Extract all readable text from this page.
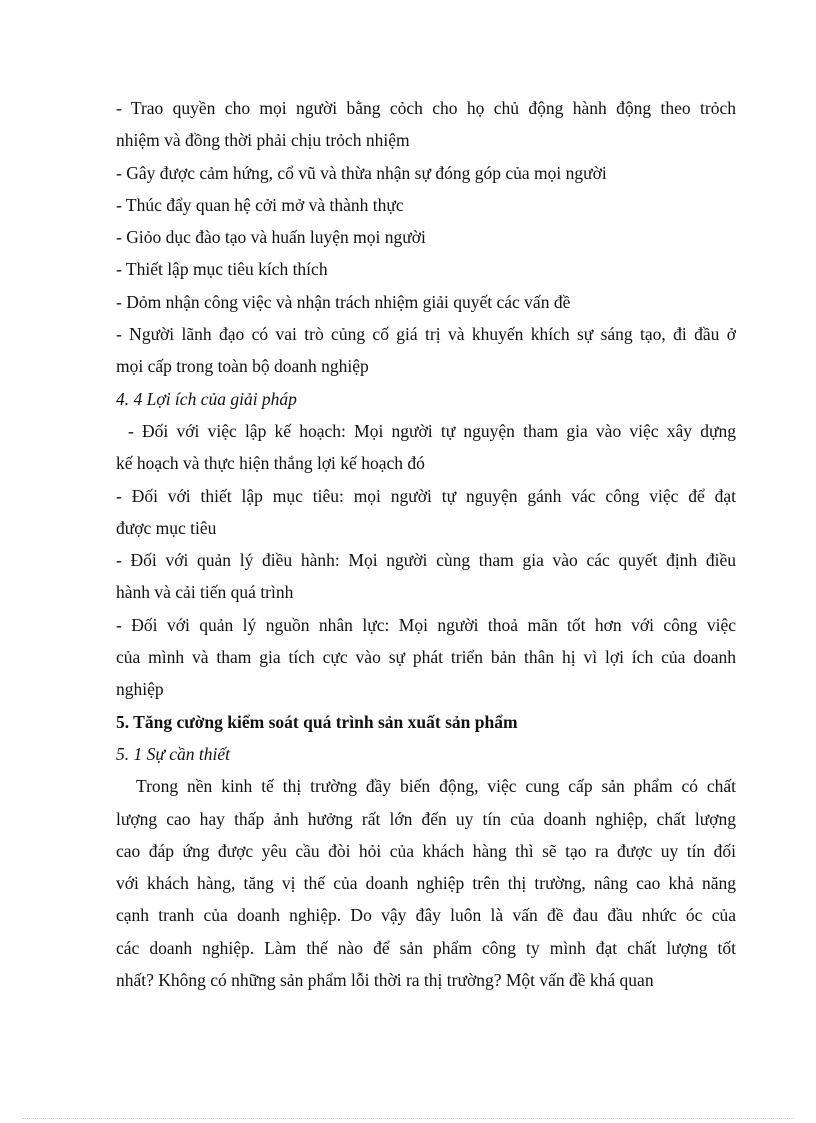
- Trao quyền cho mọi người bằng cỏch cho họ chủ động hành động theo trỏch

nhiệm và đồng thời phải chịu trỏch nhiệm

- Gây được cảm hứng, cổ vũ và thừa nhận sự đóng góp của mọi người

- Thúc đẩy quan hệ cởi mở và thành thực

- Giỏo dục đào tạo và huấn luyện mọi người

- Thiết lập mục tiêu kích thích

- Dỏm nhận công việc và nhận trách nhiệm giải quyết các vấn đề

- Người lãnh đạo có vai trò củng cố giá trị và khuyến khích sự sáng tạo, đi đầu ở

mọi cấp trong toàn bộ doanh nghiệp

4. 4 Lợi ích của giải pháp

- Đối với việc lập kế hoạch: Mọi người tự nguyện tham gia vào việc xây dựng

kế hoạch và thực hiện thắng lợi kế hoạch đó

- Đối với thiết lập mục tiêu: mọi người tự nguyện gánh vác công việc để đạt

được mục tiêu

- Đối với quản lý điều hành: Mọi người cùng tham gia vào các quyết định điều

hành và cải tiến quá trình

- Đối với quản lý nguồn nhân lực: Mọi người thoả mãn tốt hơn với công việc

của mình và tham gia tích cực vào sự phát triển bản thân hị vì lợi ích của doanh

nghiệp

5. Tăng cường kiểm soát quá trình sản xuất sản phẩm

5. 1 Sự cần thiết

Trong nền kinh tế thị trường đầy biến động, việc cung cấp sản phẩm có chất

lượng cao hay thấp ảnh hưởng rất lớn đến uy tín của doanh nghiệp, chất lượng

cao đáp ứng được yêu cầu đòi hỏi của khách hàng thì sẽ tạo ra được uy tín đối

với khách hàng, tăng vị thế của doanh nghiệp trên thị trường, nâng cao khả năng

cạnh tranh của doanh nghiệp. Do vậy đây luôn là vấn đề đau đầu nhức óc của

các doanh nghiệp. Làm thế nào để sản phẩm công ty mình đạt chất lượng tốt

nhất? Không có những sản phẩm lỗi thời ra thị trường? Một vấn đề khá quan
